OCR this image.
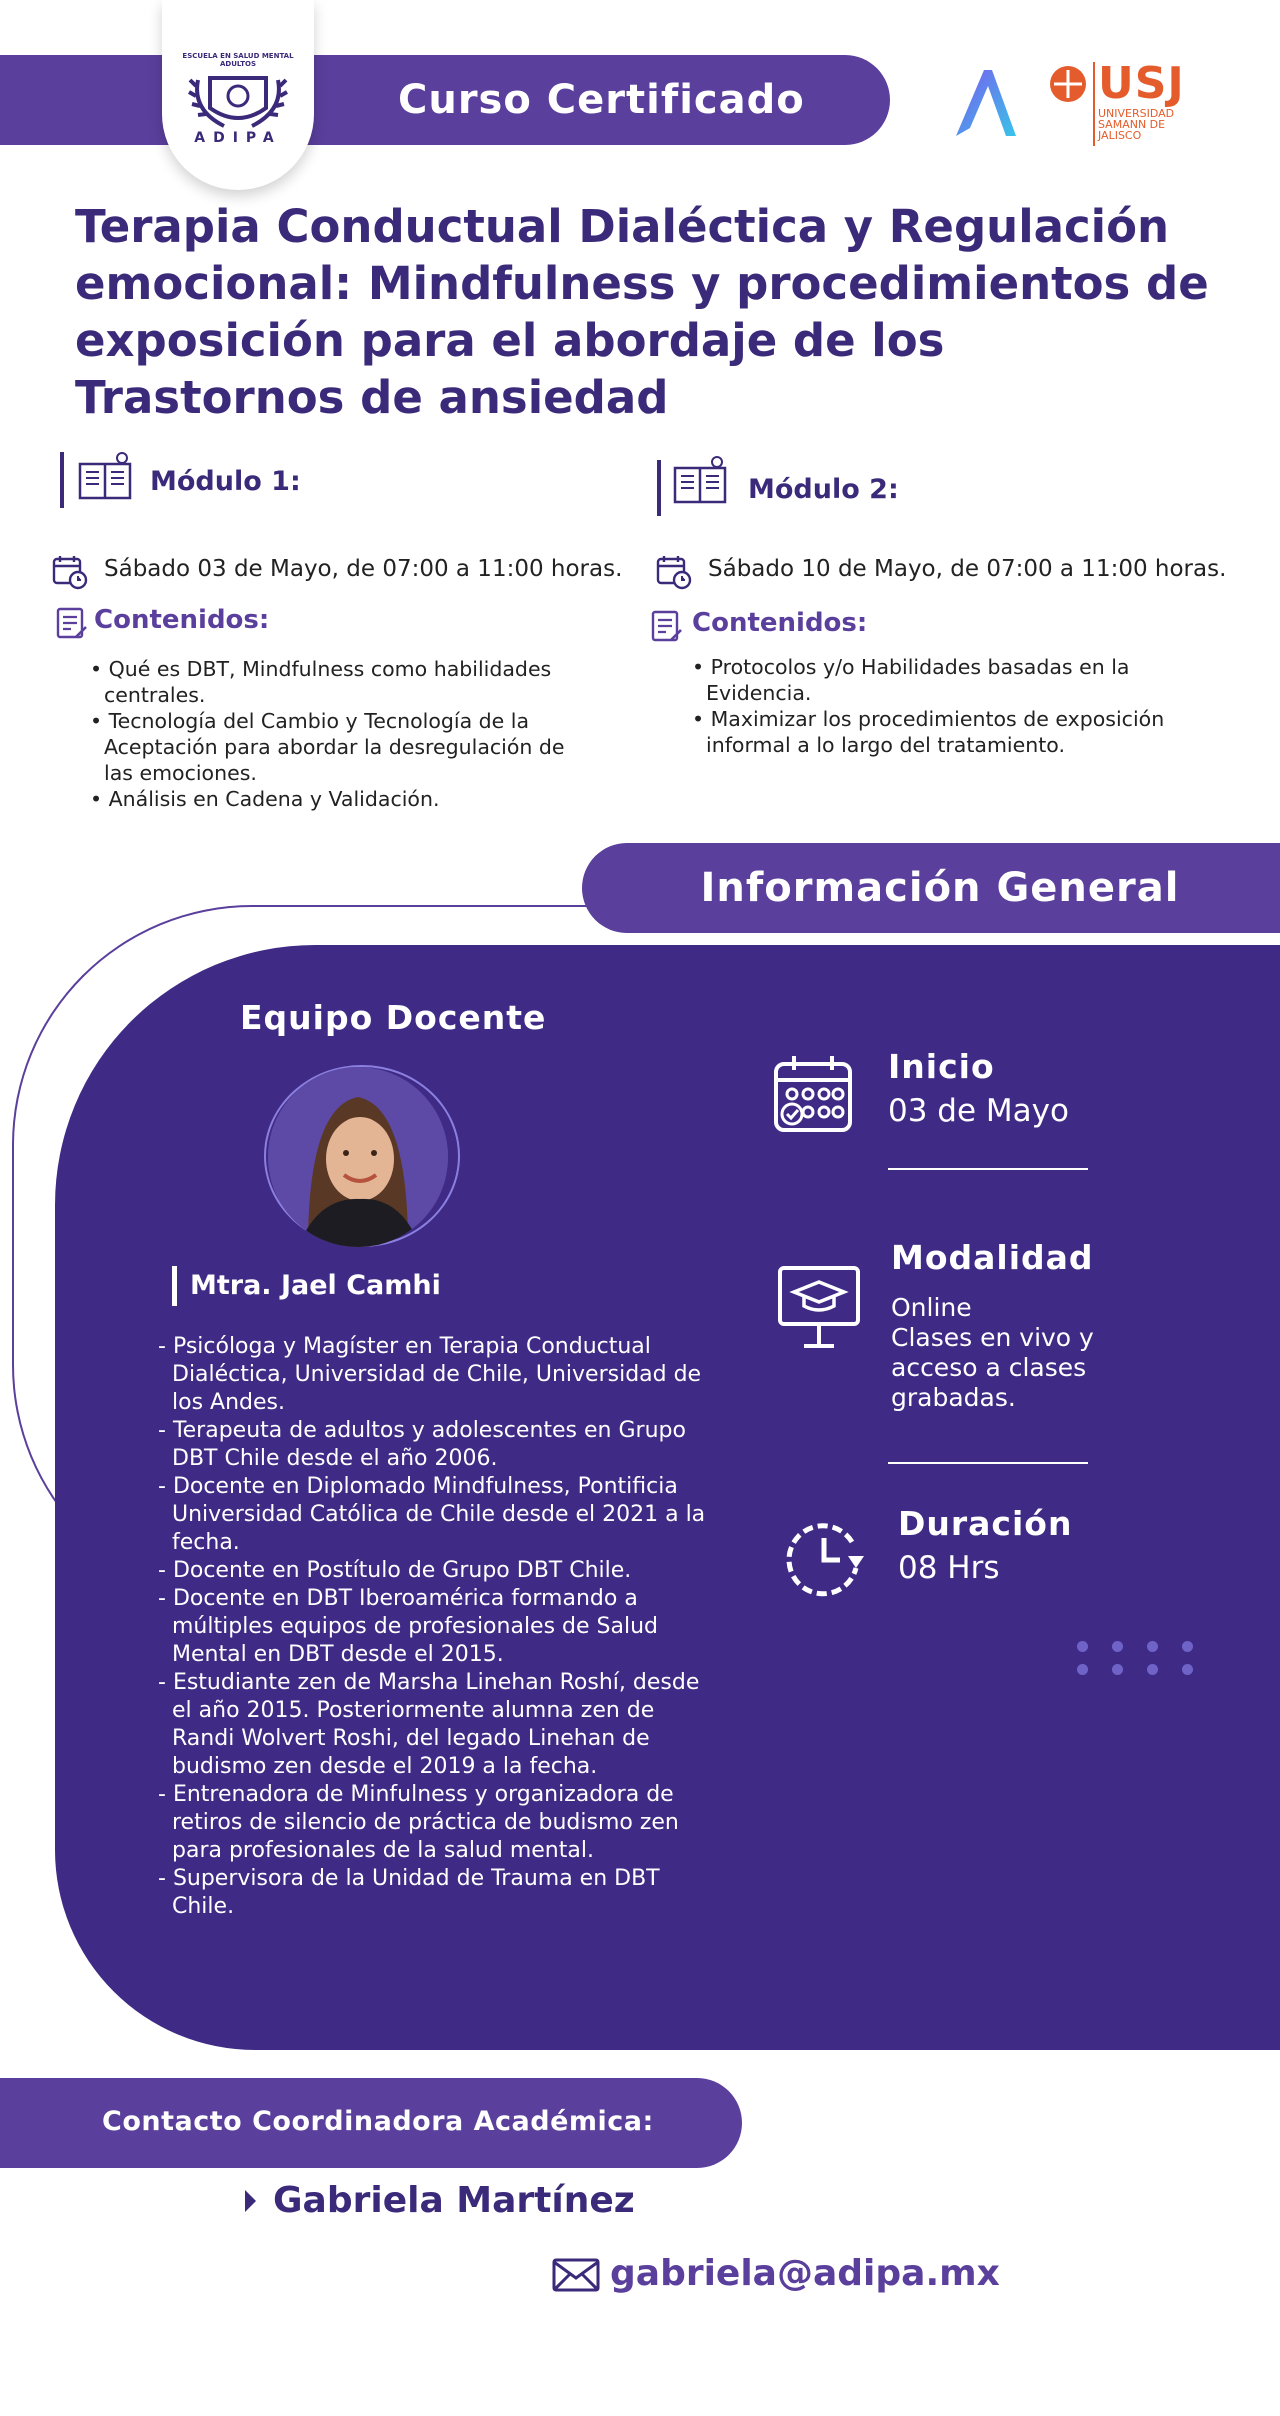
Curso Certificado
ESCUELA EN SALUD MENTAL ADULTOS
ADIPA
USJ
UNIVERSIDAD SAMANN DE JALISCO
Terapia Conductual Dialéctica y Regulación emocional: Mindfulness y procedimientos de exposición para el abordaje de los Trastornos de ansiedad
Módulo 1:
Sábado 03 de Mayo, de 07:00 a 11:00 horas.
Contenidos:
• Qué es DBT, Mindfulness como habilidades centrales.
• Tecnología del Cambio y Tecnología de la Aceptación para abordar la desregulación de las emociones.
• Análisis en Cadena y Validación.
Módulo 2:
Sábado 10 de Mayo, de 07:00 a 11:00 horas.
Contenidos:
• Protocolos y/o Habilidades basadas en la Evidencia.
• Maximizar los procedimientos de exposición informal a lo largo del tratamiento.
Información General
Equipo Docente
Mtra. Jael Camhi
- Psicóloga y Magíster en Terapia Conductual Dialéctica, Universidad de Chile, Universidad de los Andes.
- Terapeuta de adultos y adolescentes en Grupo DBT Chile desde el año 2006.
- Docente en Diplomado Mindfulness, Pontificia Universidad Católica de Chile desde el 2021 a la fecha.
- Docente en Postítulo de Grupo DBT Chile.
- Docente en DBT Iberoamérica formando a múltiples equipos de profesionales de Salud Mental en DBT desde el 2015.
- Estudiante zen de Marsha Linehan Roshí, desde el año 2015. Posteriormente alumna zen de Randi Wolvert Roshi, del legado Linehan de budismo zen desde el 2019 a la fecha.
- Entrenadora de Minfulness y organizadora de retiros de silencio de práctica de budismo zen para profesionales de la salud mental.
- Supervisora de la Unidad de Trauma en DBT Chile.
Inicio
03 de Mayo
Modalidad
Online
Clases en vivo y
acceso a clases
grabadas.
Duración
08 Hrs
Contacto Coordinadora Académica:
Gabriela Martínez
gabriela@adipa.mx
